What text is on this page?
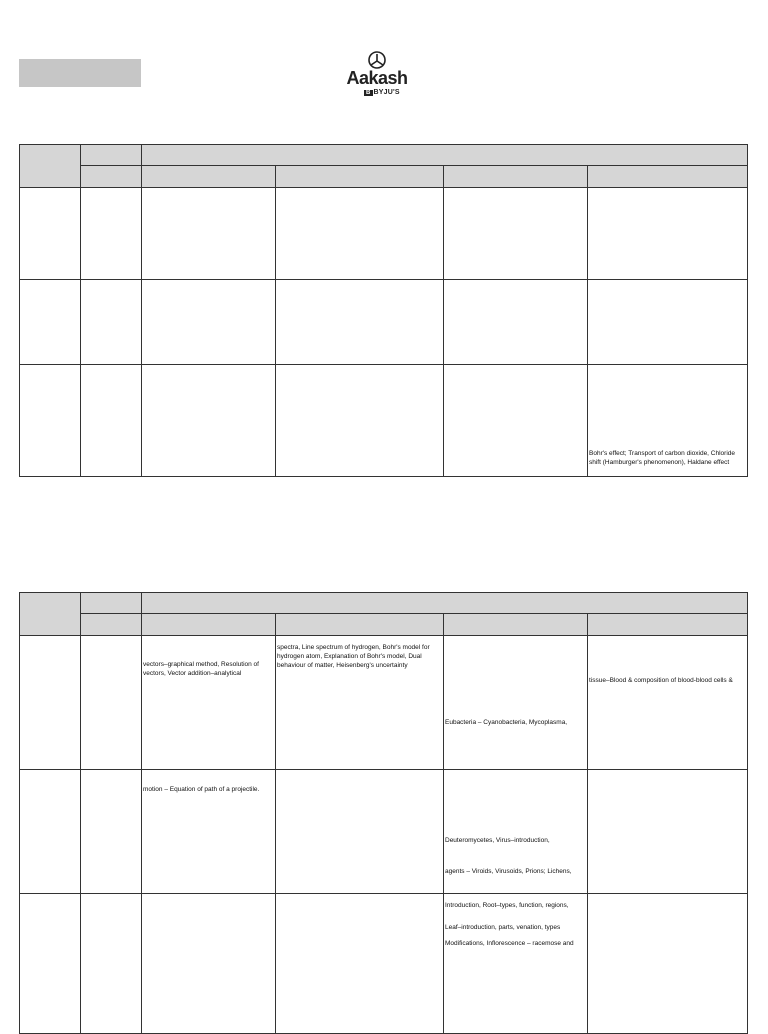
Aakash
B BYJU'S

					Bohr's effect; Transport of carbon dioxide, Chloride shift (Hamburger's phenomenon), Haldane effect

		vectors–graphical method, Resolution of vectors, Vector addition–analytical	spectra, Line spectrum of hydrogen, Bohr's model for hydrogen atom, Explanation of Bohr's model, Dual behaviour of matter, Heisenberg's uncertainty	Eubacteria – Cyanobacteria, Mycoplasma,	tissue–Blood & composition of blood-blood cells &

		motion – Equation of path of a projectile.		Deuteromycetes, Virus–introduction,
agents – Viroids, Virusoids, Prions; Lichens,	

				Introduction, Root–types, function, regions,
Leaf–introduction, parts, venation, types
Modifications, Inflorescence – racemose and	
